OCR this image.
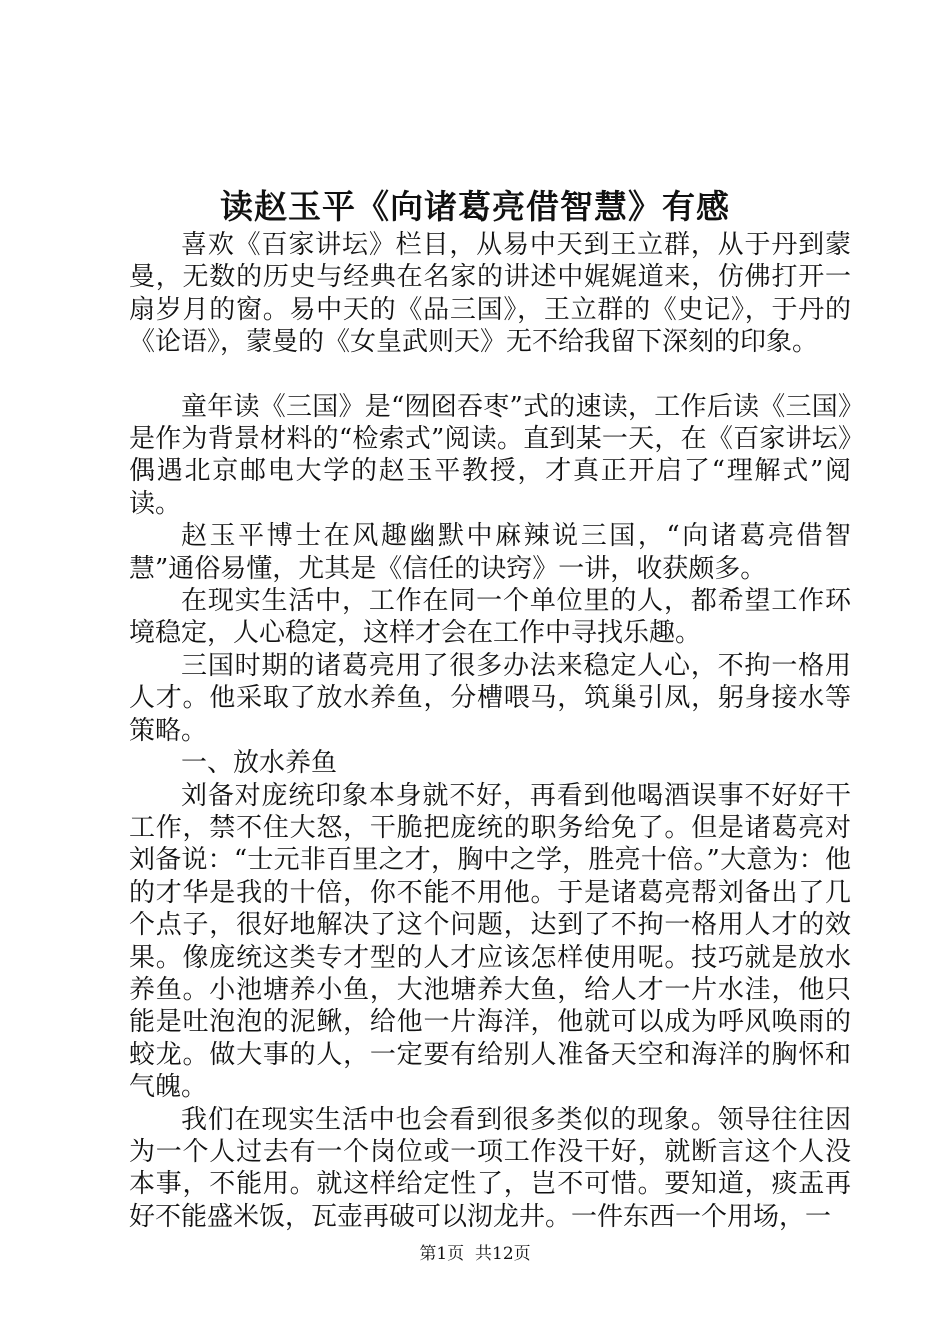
读赵玉平《向诸葛亮借智慧》有感

喜欢《百家讲坛》栏目，从易中天到王立群，从于丹到蒙曼，无数的历史与经典在名家的讲述中娓娓道来，仿佛打开一扇岁月的窗。易中天的《品三国》，王立群的《史记》，于丹的《论语》，蒙曼的《女皇武则天》无不给我留下深刻的印象。

童年读《三国》是“囫囵吞枣”式的速读，工作后读《三国》是作为背景材料的“检索式”阅读。直到某一天，在《百家讲坛》偶遇北京邮电大学的赵玉平教授，才真正开启了“理解式”阅读。

赵玉平博士在风趣幽默中麻辣说三国，“向诸葛亮借智慧”通俗易懂，尤其是《信任的诀窍》一讲，收获颇多。

在现实生活中，工作在同一个单位里的人，都希望工作环境稳定，人心稳定，这样才会在工作中寻找乐趣。

三国时期的诸葛亮用了很多办法来稳定人心，不拘一格用人才。他采取了放水养鱼，分槽喂马，筑巢引凤，躬身接水等策略。

一、放水养鱼

刘备对庞统印象本身就不好，再看到他喝酒误事不好好干工作，禁不住大怒，干脆把庞统的职务给免了。但是诸葛亮对刘备说：“士元非百里之才，胸中之学，胜亮十倍。”大意为：他的才华是我的十倍，你不能不用他。于是诸葛亮帮刘备出了几个点子，很好地解决了这个问题，达到了不拘一格用人才的效果。像庞统这类专才型的人才应该怎样使用呢。技巧就是放水养鱼。小池塘养小鱼，大池塘养大鱼，给人才一片水洼，他只能是吐泡泡的泥鳅，给他一片海洋，他就可以成为呼风唤雨的蛟龙。做大事的人，一定要有给别人准备天空和海洋的胸怀和气魄。

我们在现实生活中也会看到很多类似的现象。领导往往因为一个人过去有一个岗位或一项工作没干好，就断言这个人没本事，不能用。就这样给定性了，岂不可惜。要知道，痰盂再好不能盛米饭，瓦壶再破可以沏龙井。一件东西一个用场，一

第1页 共12页
